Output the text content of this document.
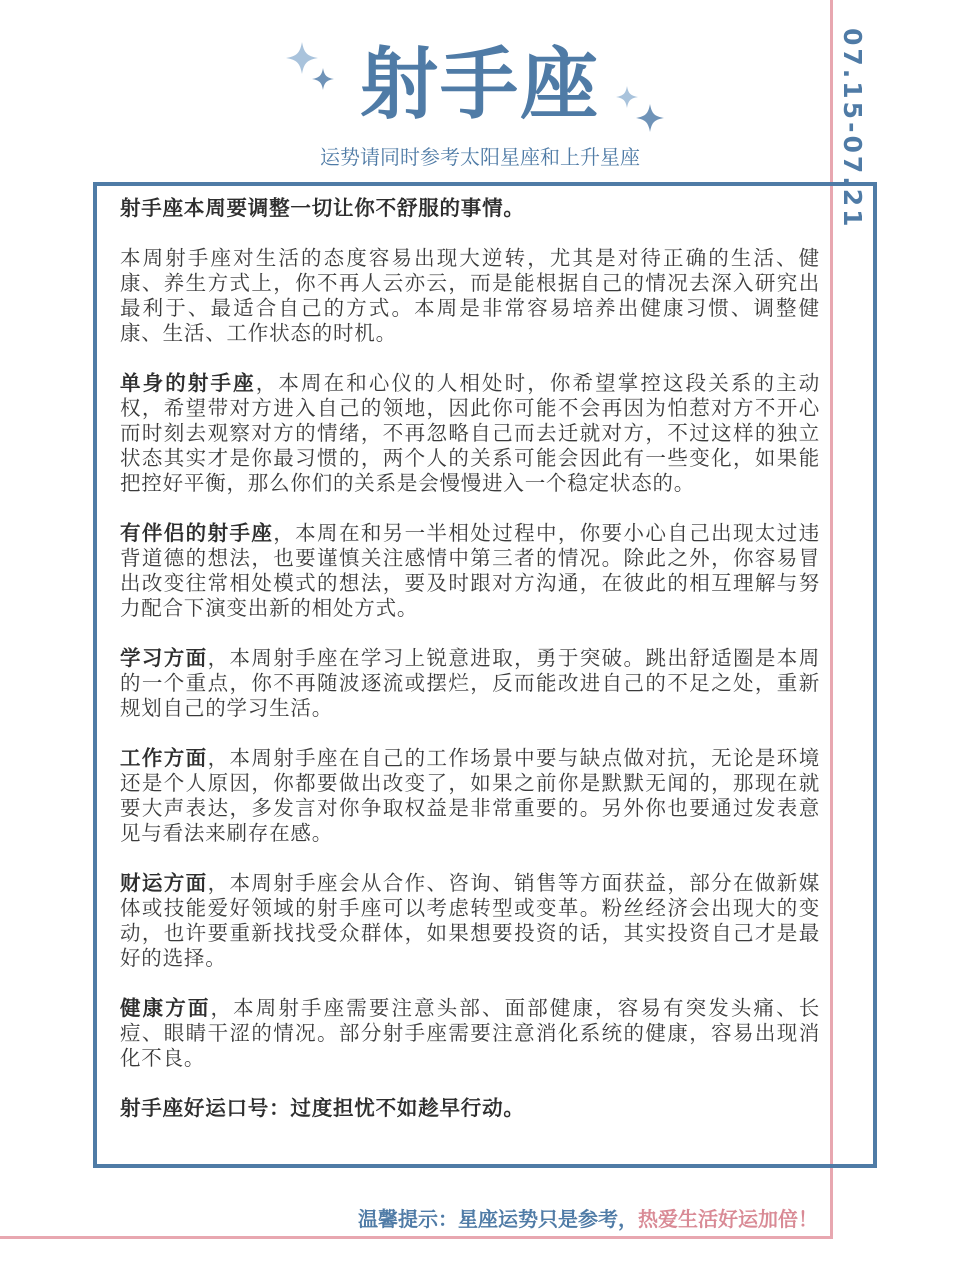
07.15-07.21
射手座
运势请同时参考太阳星座和上升星座

射手座本周要调整一切让你不舒服的事情。

本周射手座对生活的态度容易出现大逆转，尤其是对待正确的生活、健康、养生方式上，你不再人云亦云，而是能根据自己的情况去深入研究出最利于、最适合自己的方式。本周是非常容易培养出健康习惯、调整健康、生活、工作状态的时机。

单身的射手座，本周在和心仪的人相处时，你希望掌控这段关系的主动权，希望带对方进入自己的领地，因此你可能不会再因为怕惹对方不开心而时刻去观察对方的情绪，不再忽略自己而去迁就对方，不过这样的独立状态其实才是你最习惯的，两个人的关系可能会因此有一些变化，如果能把控好平衡，那么你们的关系是会慢慢进入一个稳定状态的。

有伴侣的射手座，本周在和另一半相处过程中，你要小心自己出现太过违背道德的想法，也要谨慎关注感情中第三者的情况。除此之外，你容易冒出改变往常相处模式的想法，要及时跟对方沟通，在彼此的相互理解与努力配合下演变出新的相处方式。

学习方面，本周射手座在学习上锐意进取，勇于突破。跳出舒适圈是本周的一个重点，你不再随波逐流或摆烂，反而能改进自己的不足之处，重新规划自己的学习生活。

工作方面，本周射手座在自己的工作场景中要与缺点做对抗，无论是环境还是个人原因，你都要做出改变了，如果之前你是默默无闻的，那现在就要大声表达，多发言对你争取权益是非常重要的。另外你也要通过发表意见与看法来刷存在感。

财运方面，本周射手座会从合作、咨询、销售等方面获益，部分在做新媒体或技能爱好领域的射手座可以考虑转型或变革。粉丝经济会出现大的变动，也许要重新找找受众群体，如果想要投资的话，其实投资自己才是最好的选择。

健康方面，本周射手座需要注意头部、面部健康，容易有突发头痛、长痘、眼睛干涩的情况。部分射手座需要注意消化系统的健康，容易出现消化不良。

射手座好运口号：过度担忧不如趁早行动。

温馨提示：星座运势只是参考，热爱生活好运加倍！
